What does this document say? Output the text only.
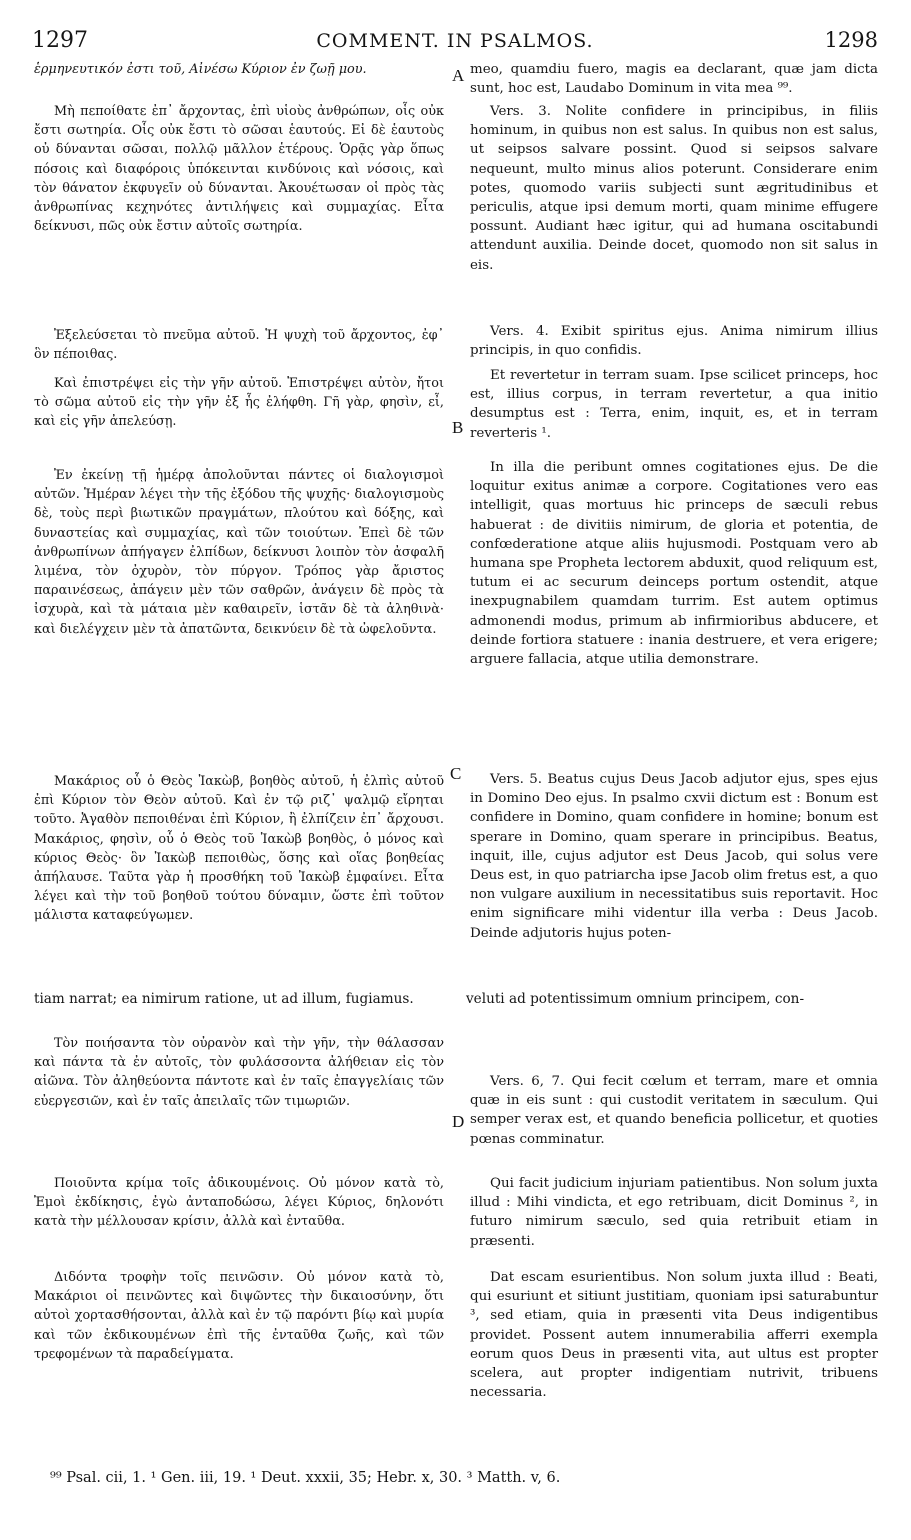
1297	COMMENT. IN PSALMOS.	1298
A
B
C
D

ἑρμηνευτικόν ἐστι τοῦ, Αἰνέσω Κύριον ἐν ζωῇ μου.

Μὴ πεποίθατε ἐπ᾽ ἄρχοντας, ἐπὶ υἱοὺς ἀνθρώπων, οἷς οὐκ ἔστι σωτηρία. Οἷς οὐκ ἔστι τὸ σῶσαι ἑαυτούς. Εἰ δὲ ἑαυτοὺς οὐ δύνανται σῶσαι, πολλῷ μᾶλλον ἑτέρους. Ὁρᾷς γὰρ ὅπως πόσοις καὶ διαφόροις ὑπόκεινται κινδύνοις καὶ νόσοις, καὶ τὸν θάνατον ἐκφυγεῖν οὐ δύνανται. Ἀκουέτωσαν οἱ πρὸς τὰς ἀνθρωπίνας κεχηνότες ἀντιλήψεις καὶ συμμαχίας. Εἶτα δείκνυσι, πῶς οὐκ ἔστιν αὐτοῖς σωτηρία.

Ἐξελεύσεται τὸ πνεῦμα αὐτοῦ. Ἡ ψυχὴ τοῦ ἄρχοντος, ἐφ᾽ ὃν πέποιθας.

Καὶ ἐπιστρέψει εἰς τὴν γῆν αὐτοῦ. Ἐπιστρέψει αὐτὸν, ἤτοι τὸ σῶμα αὐτοῦ εἰς τὴν γῆν ἐξ ἧς ἐλήφθη. Γῆ γὰρ, φησὶν, εἶ, καὶ εἰς γῆν ἀπελεύσῃ.

Ἐν ἐκείνῃ τῇ ἡμέρᾳ ἀπολοῦνται πάντες οἱ διαλογισμοὶ αὐτῶν. Ἡμέραν λέγει τὴν τῆς ἐξόδου τῆς ψυχῆς· διαλογισμοὺς δὲ, τοὺς περὶ βιωτικῶν πραγμάτων, πλούτου καὶ δόξης, καὶ δυναστείας καὶ συμμαχίας, καὶ τῶν τοιούτων. Ἐπεὶ δὲ τῶν ἀνθρωπίνων ἀπήγαγεν ἐλπίδων, δείκνυσι λοιπὸν τὸν ἀσφαλῆ λιμένα, τὸν ὀχυρὸν, τὸν πύργον. Τρόπος γὰρ ἄριστος παραινέσεως, ἀπάγειν μὲν τῶν σαθρῶν, ἀνάγειν δὲ πρὸς τὰ ἰσχυρὰ, καὶ τὰ μάταια μὲν καθαιρεῖν, ἱστᾶν δὲ τὰ ἀληθινὰ· καὶ διελέγχειν μὲν τὰ ἀπατῶντα, δεικνύειν δὲ τὰ ὠφελοῦντα.

Μακάριος οὗ ὁ Θεὸς Ἰακὼβ, βοηθὸς αὐτοῦ, ἡ ἐλπὶς αὐτοῦ ἐπὶ Κύριον τὸν Θεὸν αὐτοῦ. Καὶ ἐν τῷ ριζ᾽ ψαλμῷ εἴρηται τοῦτο. Ἀγαθὸν πεποιθέναι ἐπὶ Κύριον, ἢ ἐλπίζειν ἐπ᾽ ἄρχουσι. Μακάριος, φησὶν, οὗ ὁ Θεὸς τοῦ Ἰακὼβ βοηθὸς, ὁ μόνος καὶ κύριος Θεὸς· ὃν Ἰακὼβ πεποιθὼς, ὅσης καὶ οἵας βοηθείας ἀπήλαυσε. Ταῦτα γὰρ ἡ προσθήκη τοῦ Ἰακὼβ ἐμφαίνει. Εἶτα λέγει καὶ τὴν τοῦ βοηθοῦ τούτου δύναμιν, ὥστε ἐπὶ τοῦτον μάλιστα καταφεύγωμεν.

Τὸν ποιήσαντα τὸν οὐρανὸν καὶ τὴν γῆν, τὴν θάλασσαν καὶ πάντα τὰ ἐν αὐτοῖς, τὸν φυλάσσοντα ἀλήθειαν εἰς τὸν αἰῶνα. Τὸν ἀληθεύοντα πάντοτε καὶ ἐν ταῖς ἐπαγγελίαις τῶν εὐεργεσιῶν, καὶ ἐν ταῖς ἀπειλαῖς τῶν τιμωριῶν.

Ποιοῦντα κρίμα τοῖς ἀδικουμένοις. Οὐ μόνον κατὰ τὸ, Ἐμοὶ ἐκδίκησις, ἐγὼ ἀνταποδώσω, λέγει Κύριος, δηλονότι κατὰ τὴν μέλλουσαν κρίσιν, ἀλλὰ καὶ ἐνταῦθα.

Διδόντα τροφὴν τοῖς πεινῶσιν. Οὐ μόνον κατὰ τὸ, Μακάριοι οἱ πεινῶντες καὶ διψῶντες τὴν δικαιοσύνην, ὅτι αὐτοὶ χορτασθήσονται, ἀλλὰ καὶ ἐν τῷ παρόντι βίῳ καὶ μυρία καὶ τῶν ἐκδικουμένων ἐπὶ τῆς ἐνταῦθα ζωῆς, καὶ τῶν τρεφομένων τὰ παραδείγματα.

meo, quamdiu fuero, magis ea declarant, quæ jam dicta sunt, hoc est, Laudabo Dominum in vita mea ⁹⁹.

Vers. 3. Nolite confidere in principibus, in filiis hominum, in quibus non est salus. In quibus non est salus, ut seipsos salvare possint. Quod si seipsos salvare nequeunt, multo minus alios poterunt. Considerare enim potes, quomodo variis subjecti sunt ægritudinibus et periculis, atque ipsi demum morti, quam minime effugere possunt. Audiant hæc igitur, qui ad humana oscitabundi attendunt auxilia. Deinde docet, quomodo non sit salus in eis.

Vers. 4. Exibit spiritus ejus. Anima nimirum illius principis, in quo confidis.

Et revertetur in terram suam. Ipse scilicet princeps, hoc est, illius corpus, in terram revertetur, a qua initio desumptus est : Terra, enim, inquit, es, et in terram reverteris ¹.

In illa die peribunt omnes cogitationes ejus. De die loquitur exitus animæ a corpore. Cogitationes vero eas intelligit, quas mortuus hic princeps de sæculi rebus habuerat : de divitiis nimirum, de gloria et potentia, de confœderatione atque aliis hujusmodi. Postquam vero ab humana spe Propheta lectorem abduxit, quod reliquum est, tutum ei ac securum deinceps portum ostendit, atque inexpugnabilem quamdam turrim. Est autem optimus admonendi modus, primum ab infirmioribus abducere, et deinde fortiora statuere : inania destruere, et vera erigere; arguere fallacia, atque utilia demonstrare.

Vers. 5. Beatus cujus Deus Jacob adjutor ejus, spes ejus in Domino Deo ejus. In psalmo cxvii dictum est : Bonum est confidere in Domino, quam confidere in homine; bonum est sperare in Domino, quam sperare in principibus. Beatus, inquit, ille, cujus adjutor est Deus Jacob, qui solus vere Deus est, in quo patriarcha ipse Jacob olim fretus est, a quo non vulgare auxilium in necessitatibus suis reportavit. Hoc enim significare mihi videntur illa verba : Deus Jacob. Deinde adjutoris hujus poten-

Vers. 6, 7. Qui fecit cœlum et terram, mare et omnia quæ in eis sunt : qui custodit veritatem in sæculum. Qui semper verax est, et quando beneficia pollicetur, et quoties pœnas comminatur.

Qui facit judicium injuriam patientibus. Non solum juxta illud : Mihi vindicta, et ego retribuam, dicit Dominus ², in futuro nimirum sæculo, sed quia retribuit etiam in præsenti.

Dat escam esurientibus. Non solum juxta illud : Beati, qui esuriunt et sitiunt justitiam, quoniam ipsi saturabuntur ³, sed etiam, quia in præsenti vita Deus indigentibus providet. Possent autem innumerabilia afferri exempla eorum quos Deus in præsenti vita, aut ultus est propter scelera, aut propter indigentiam nutrivit, tribuens necessaria.

tiam narrat; ea nimirum ratione, ut ad illum, fugiamus.	veluti ad potentissimum omnium principem, con-

⁹⁹ Psal. cii, 1. ¹ Gen. iii, 19. ¹ Deut. xxxii, 35; Hebr. x, 30. ³ Matth. v, 6.
